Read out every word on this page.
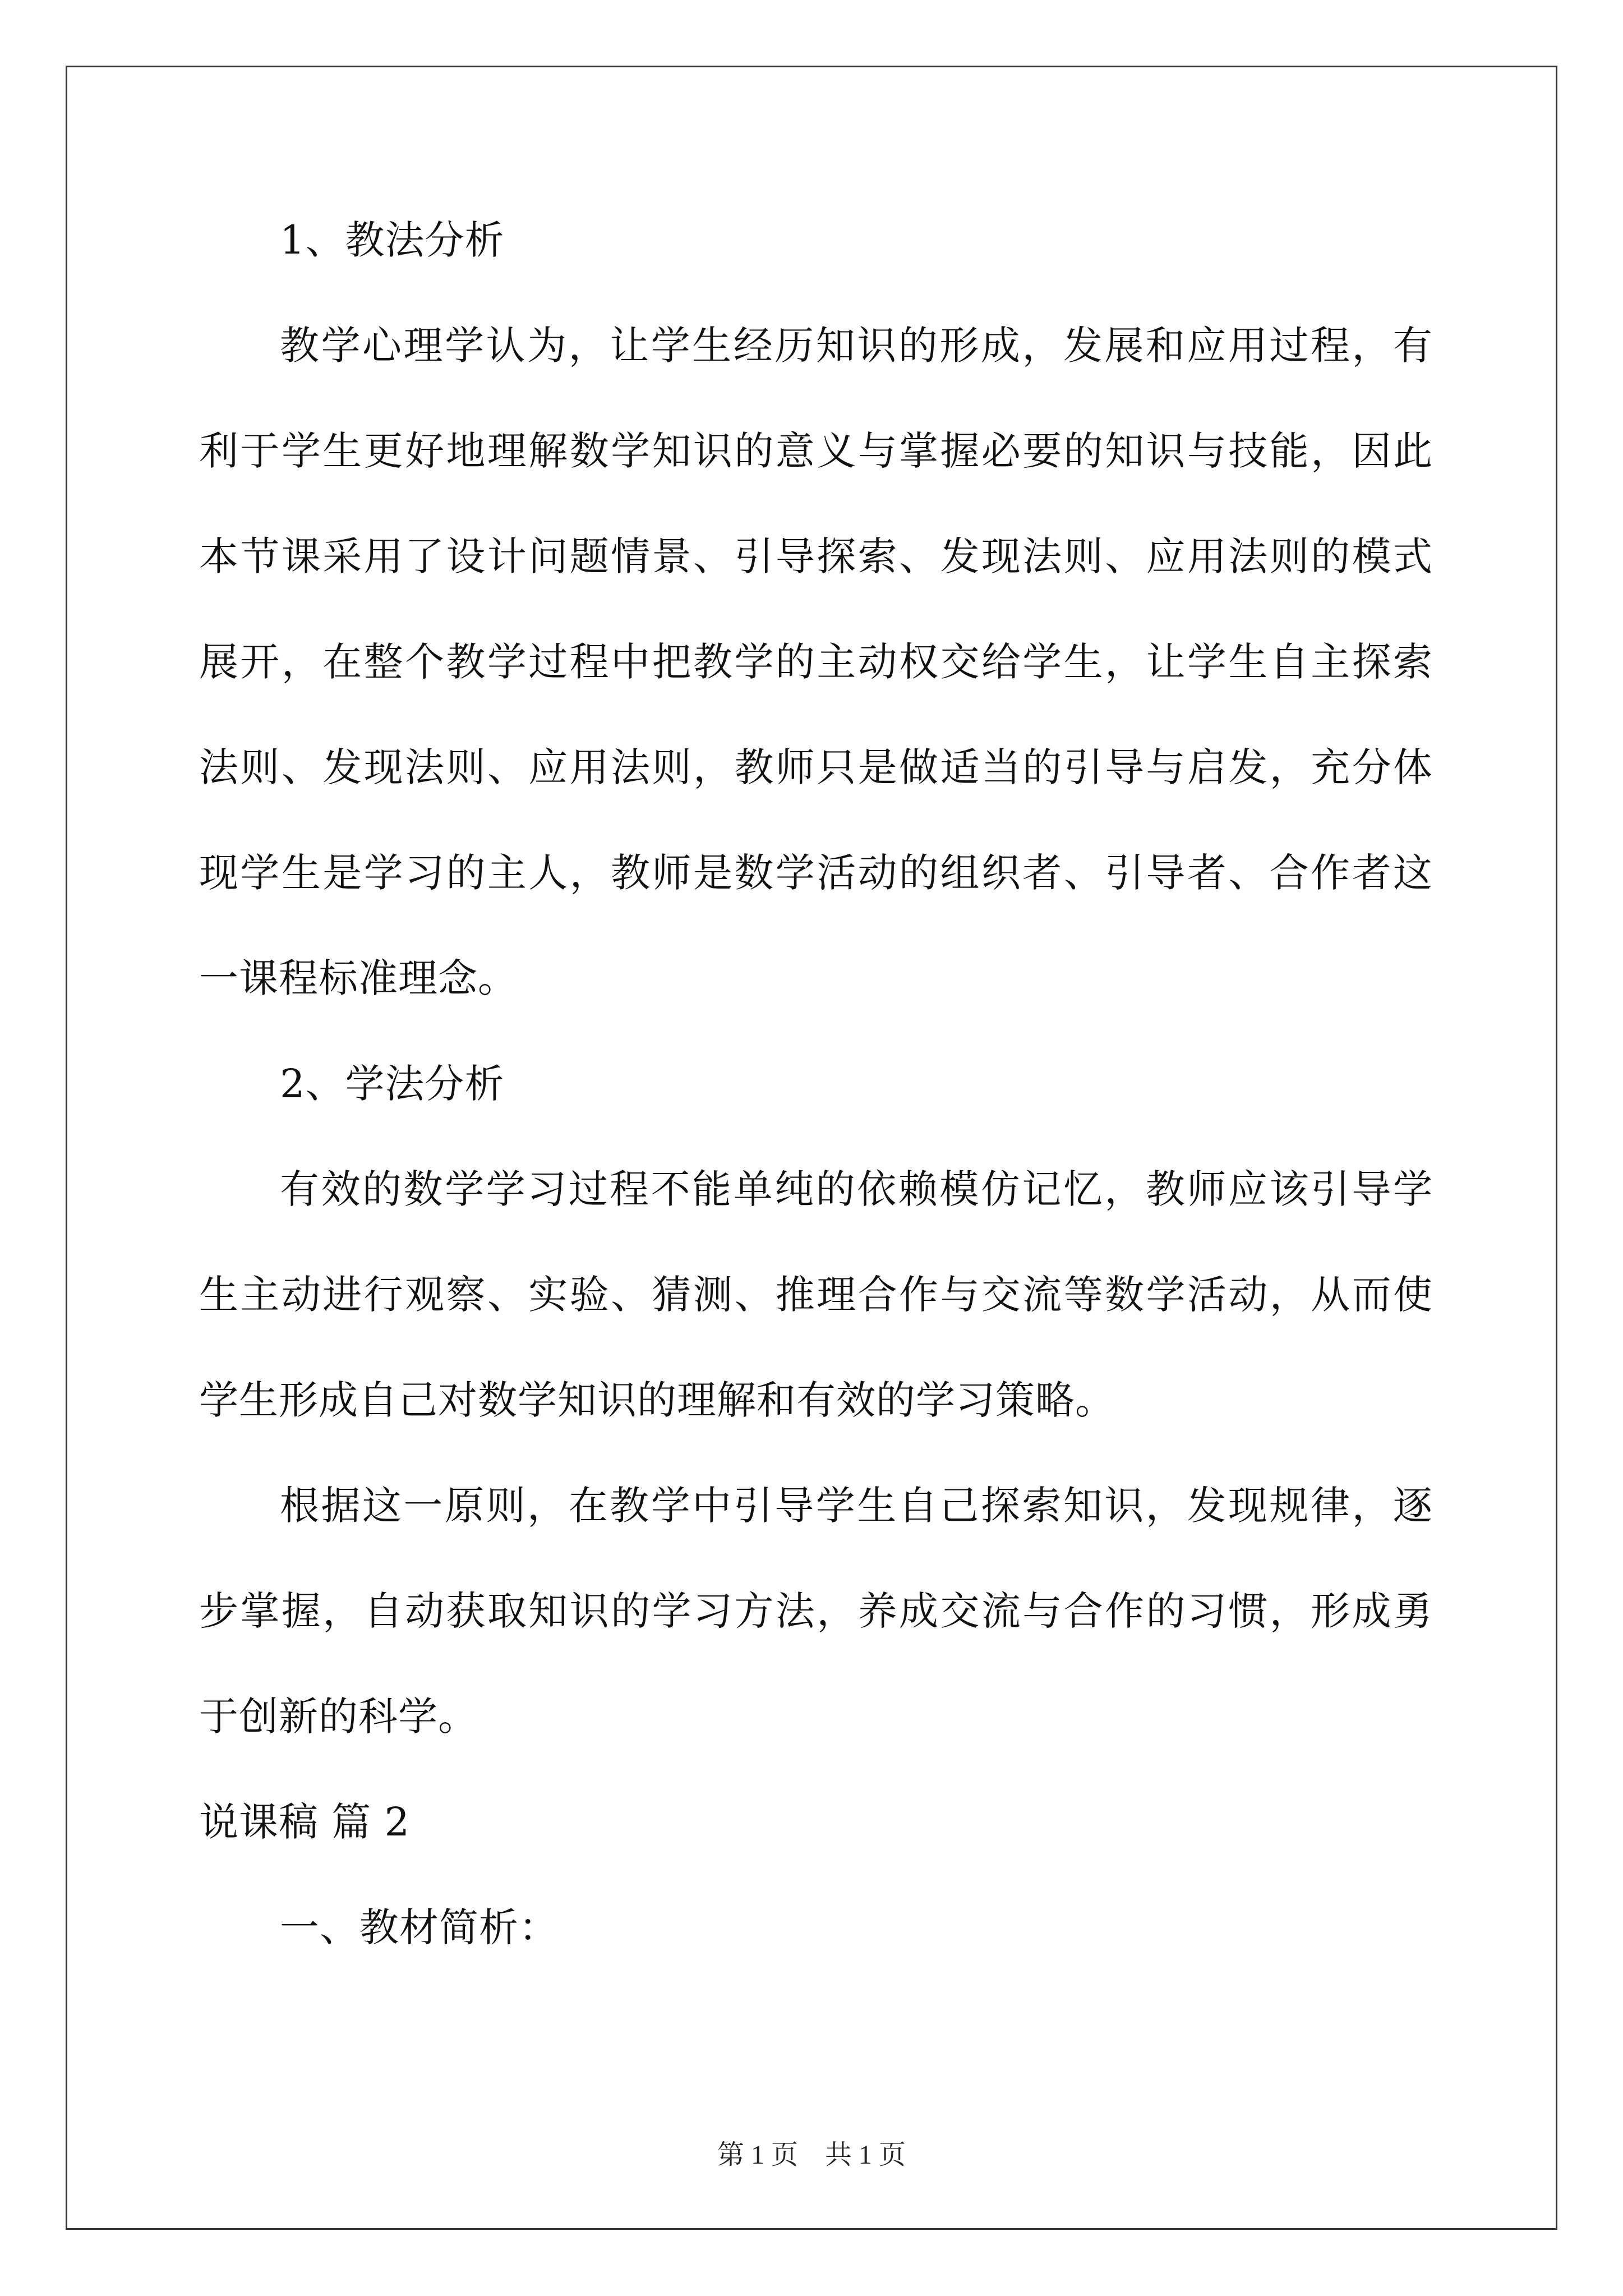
1、教法分析
教学心理学认为，让学生经历知识的形成，发展和应用过程，有
利于学生更好地理解数学知识的意义与掌握必要的知识与技能，因此
本节课采用了设计问题情景、引导探索、发现法则、应用法则的模式
展开，在整个教学过程中把教学的主动权交给学生，让学生自主探索
法则、发现法则、应用法则，教师只是做适当的引导与启发，充分体
现学生是学习的主人，教师是数学活动的组织者、引导者、合作者这
一课程标准理念。
2、学法分析
有效的数学学习过程不能单纯的依赖模仿记忆，教师应该引导学
生主动进行观察、实验、猜测、推理合作与交流等数学活动，从而使
学生形成自己对数学知识的理解和有效的学习策略。
根据这一原则，在教学中引导学生自己探索知识，发现规律，逐
步掌握，自动获取知识的学习方法，养成交流与合作的习惯，形成勇
于创新的科学。
说课稿 篇 2
一、教材简析：
第 1 页 共 1 页
